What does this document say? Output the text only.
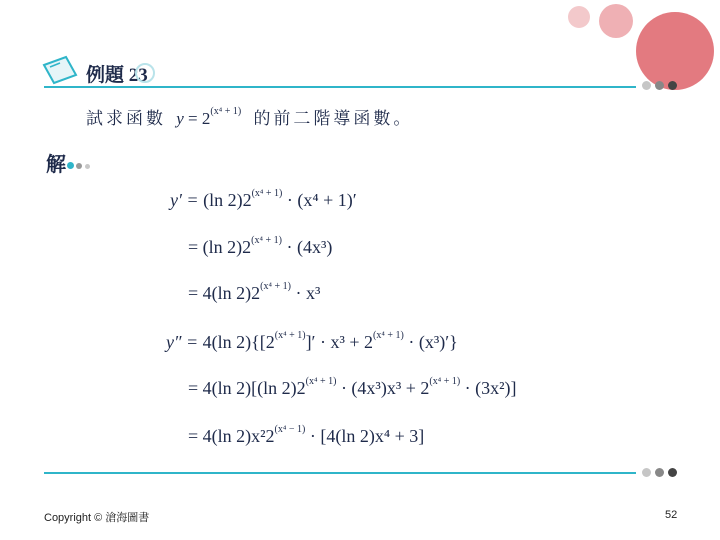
例題 23
試求函數 $y = 2^{(x^4 + 1)}$ 的前二階導函數。
解
y′ = (ln $2)2^{(x^4 + 1)} \cdot (x^4 + 1)'$
= (ln $2)2^{(x^4 + 1)} \cdot (4x^3)$
= 4(ln $2)2^{(x^4 + 1)} \cdot x^3$
y″ = 4(ln $2)\{[2^{(x^4 + 1)}]' \cdot x^3 + 2^{(x^4 + 1)} \cdot (x^3)'\}$
= 4(ln 2)[(ln $2)2^{(x^4 + 1)} \cdot (4x^3)x^3 + 2^{(x^4 + 1)} \cdot (3x^2)$]
= 4(ln $2)x^22^{(x^4 - 1)} \cdot [4(\ln$ 2)x⁴ + 3]
Copyright © 滄海圖書	52
